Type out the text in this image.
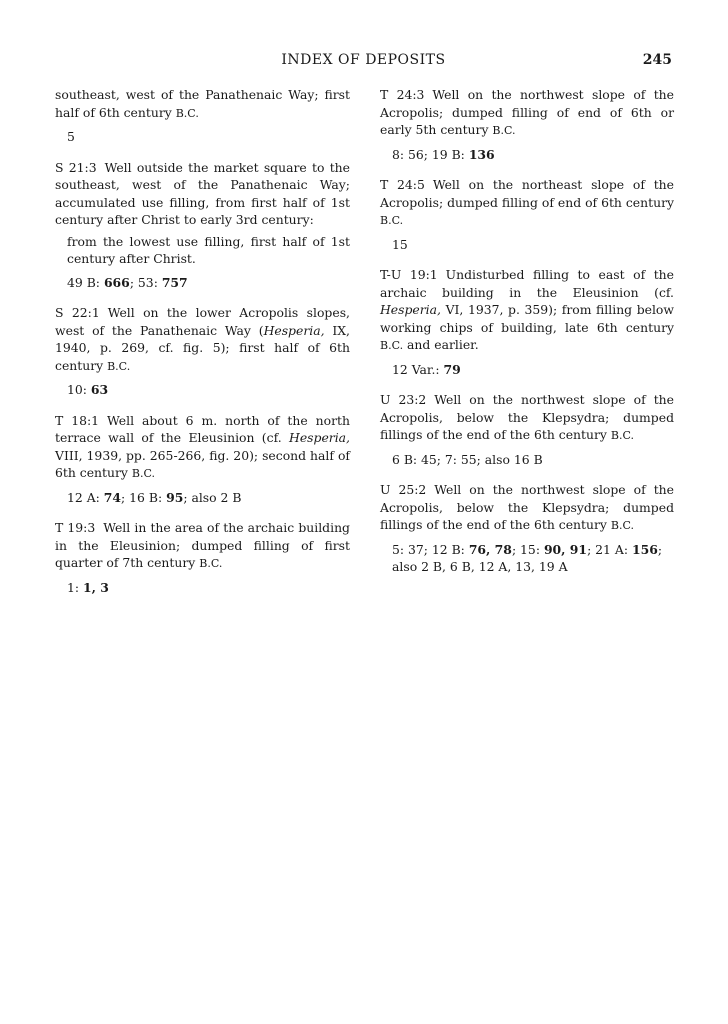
INDEX OF DEPOSITS	245

southeast, west of the Panathenaic Way; first half of 6th century B.C.

5

S 21:3 Well outside the market square to the southeast, west of the Panathenaic Way; accumulated use filling, from first half of 1st century after Christ to early 3rd century:

from the lowest use filling, first half of 1st century after Christ.

49 B: 666; 53: 757

S 22:1 Well on the lower Acropolis slopes, west of the Panathenaic Way (Hesperia, IX, 1940, p. 269, cf. fig. 5); first half of 6th century B.C.

10: 63

T 18:1 Well about 6 m. north of the north terrace wall of the Eleusinion (cf. Hesperia, VIII, 1939, pp. 265-266, fig. 20); second half of 6th century B.C.

12 A: 74; 16 B: 95; also 2 B

T 19:3 Well in the area of the archaic building in the Eleusinion; dumped filling of first quarter of 7th century B.C.

1: 1, 3

T 24:3 Well on the northwest slope of the Acropolis; dumped filling of end of 6th or early 5th century B.C.

8: 56; 19 B: 136

T 24:5 Well on the northeast slope of the Acropolis; dumped filling of end of 6th century B.C.

15

T-U 19:1 Undisturbed filling to east of the archaic building in the Eleusinion (cf. Hesperia, VI, 1937, p. 359); from filling below working chips of building, late 6th century B.C. and earlier.

12 Var.: 79

U 23:2 Well on the northwest slope of the Acropolis, below the Klepsydra; dumped fillings of the end of the 6th century B.C.

6 B: 45; 7: 55; also 16 B

U 25:2 Well on the northwest slope of the Acropolis, below the Klepsydra; dumped fillings of the end of the 6th century B.C.

5: 37; 12 B: 76, 78; 15: 90, 91; 21 A: 156;
also 2 B, 6 B, 12 A, 13, 19 A
